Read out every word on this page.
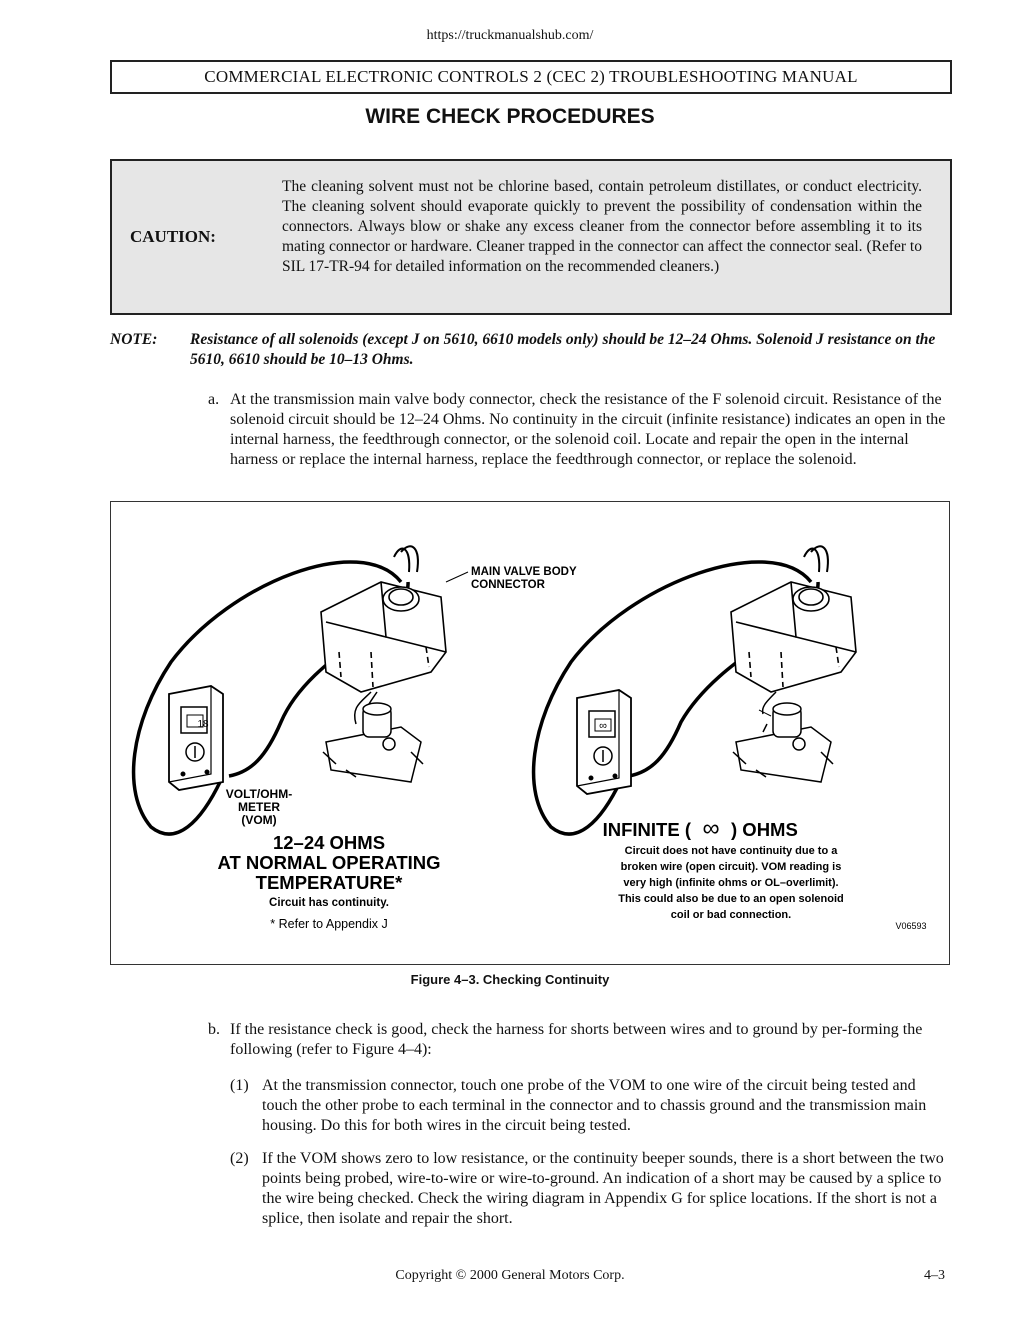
https://truckmanualshub.com/
COMMERCIAL ELECTRONIC CONTROLS 2 (CEC 2) TROUBLESHOOTING MANUAL
WIRE CHECK PROCEDURES
CAUTION:
The cleaning solvent must not be chlorine based, contain petroleum distillates, or conduct electricity. The cleaning solvent should evaporate quickly to prevent the possibility of condensation within the connectors. Always blow or shake any excess cleaner from the connector before assembling it to its mating connector or hardware. Cleaner trapped in the connector can affect the connector seal. (Refer to SIL 17-TR-94 for detailed information on the recommended cleaners.)
NOTE: Resistance of all solenoids (except J on 5610, 6610 models only) should be 12–24 Ohms. Solenoid J resistance on the 5610, 6610 should be 10–13 Ohms.
a. At the transmission main valve body connector, check the resistance of the F solenoid circuit. Resistance of the solenoid circuit should be 12–24 Ohms. No continuity in the circuit (infinite resistance) indicates an open in the internal harness, the feedthrough connector, or the solenoid coil. Locate and repair the open in the internal harness or replace the internal harness, replace the feedthrough connector, or replace the solenoid.
∞
MAIN VALVE BODY
CONNECTOR
18
VOLT/OHM-
METER
(VOM)
12–24 OHMS
AT NORMAL OPERATING
TEMPERATURE*
Circuit has continuity.
* Refer to Appendix J
INFINITE ( ∞ ) OHMS
Circuit does not have continuity due to a
broken wire (open circuit). VOM reading is
very high (infinite ohms or OL–overlimit).
This could also be due to an open solenoid
coil or bad connection.
V06593
Figure 4–3. Checking Continuity
b. If the resistance check is good, check the harness for shorts between wires and to ground by per-forming the following (refer to Figure 4–4):
(1) At the transmission connector, touch one probe of the VOM to one wire of the circuit being tested and touch the other probe to each terminal in the connector and to chassis ground and the transmission main housing. Do this for both wires in the circuit being tested.
(2) If the VOM shows zero to low resistance, or the continuity beeper sounds, there is a short between the two points being probed, wire-to-wire or wire-to-ground. An indication of a short may be caused by a splice to the wire being checked. Check the wiring diagram in Appendix G for splice locations. If the short is not a splice, then isolate and repair the short.
Copyright © 2000 General Motors Corp.	4–3
